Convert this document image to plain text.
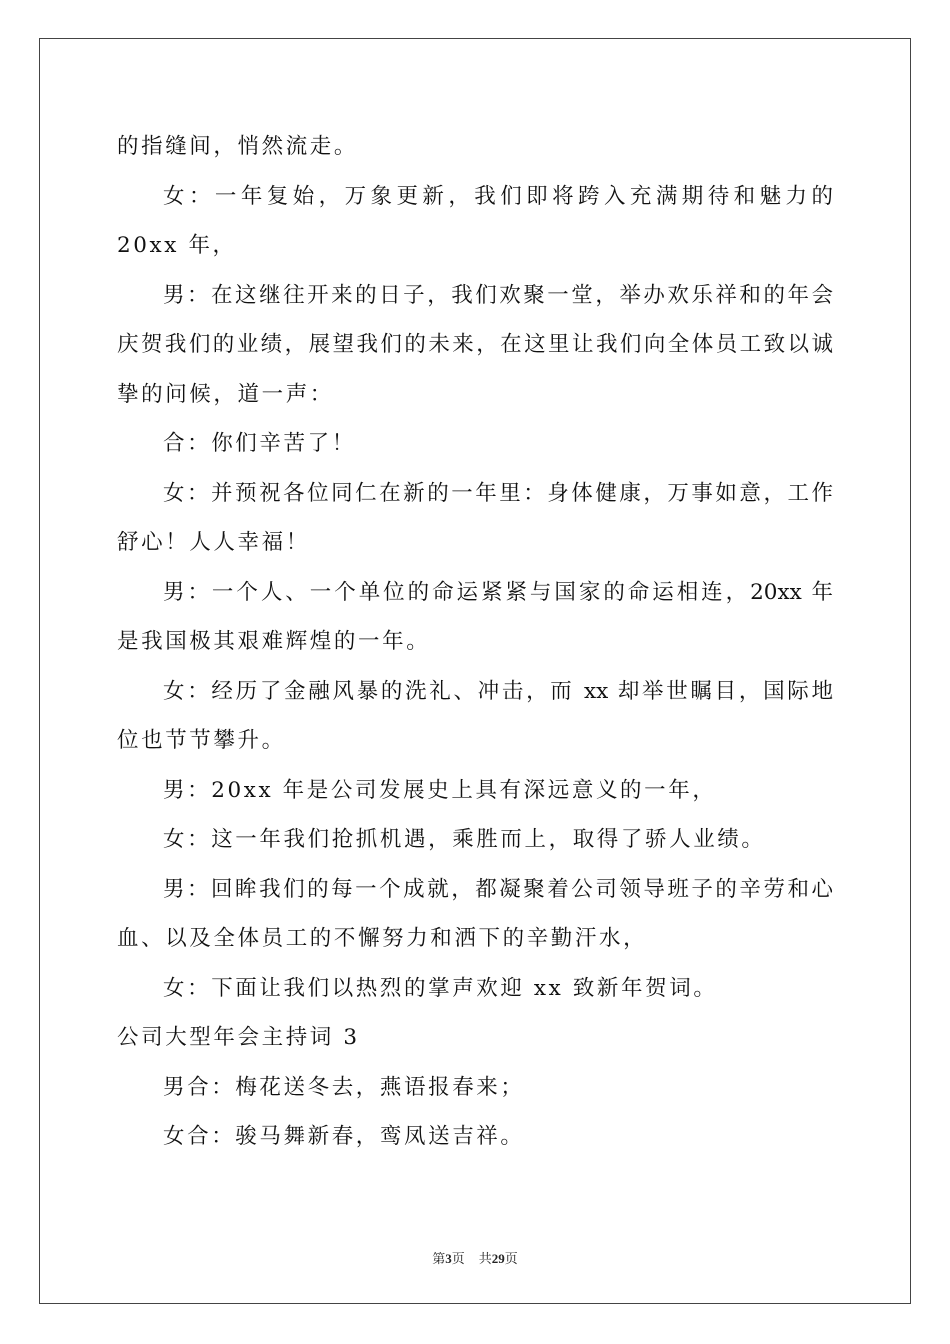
的指缝间，悄然流走。
女：一年复始，万象更新，我们即将跨入充满期待和魅力的
20xx 年，
男：在这继往开来的日子，我们欢聚一堂，举办欢乐祥和的年会
庆贺我们的业绩，展望我们的未来，在这里让我们向全体员工致以诚
挚的问候，道一声：
合：你们辛苦了！
女：并预祝各位同仁在新的一年里：身体健康，万事如意，工作
舒心！人人幸福！
男：一个人、一个单位的命运紧紧与国家的命运相连，20xx 年
是我国极其艰难辉煌的一年。
女：经历了金融风暴的洗礼、冲击，而 xx 却举世瞩目，国际地
位也节节攀升。
男：20xx 年是公司发展史上具有深远意义的一年，
女：这一年我们抢抓机遇，乘胜而上，取得了骄人业绩。
男：回眸我们的每一个成就，都凝聚着公司领导班子的辛劳和心
血、以及全体员工的不懈努力和洒下的辛勤汗水，
女：下面让我们以热烈的掌声欢迎 xx 致新年贺词。
公司大型年会主持词 3
男合：梅花送冬去，燕语报春来；
女合：骏马舞新春，鸾凤送吉祥。
第3页 共29页
